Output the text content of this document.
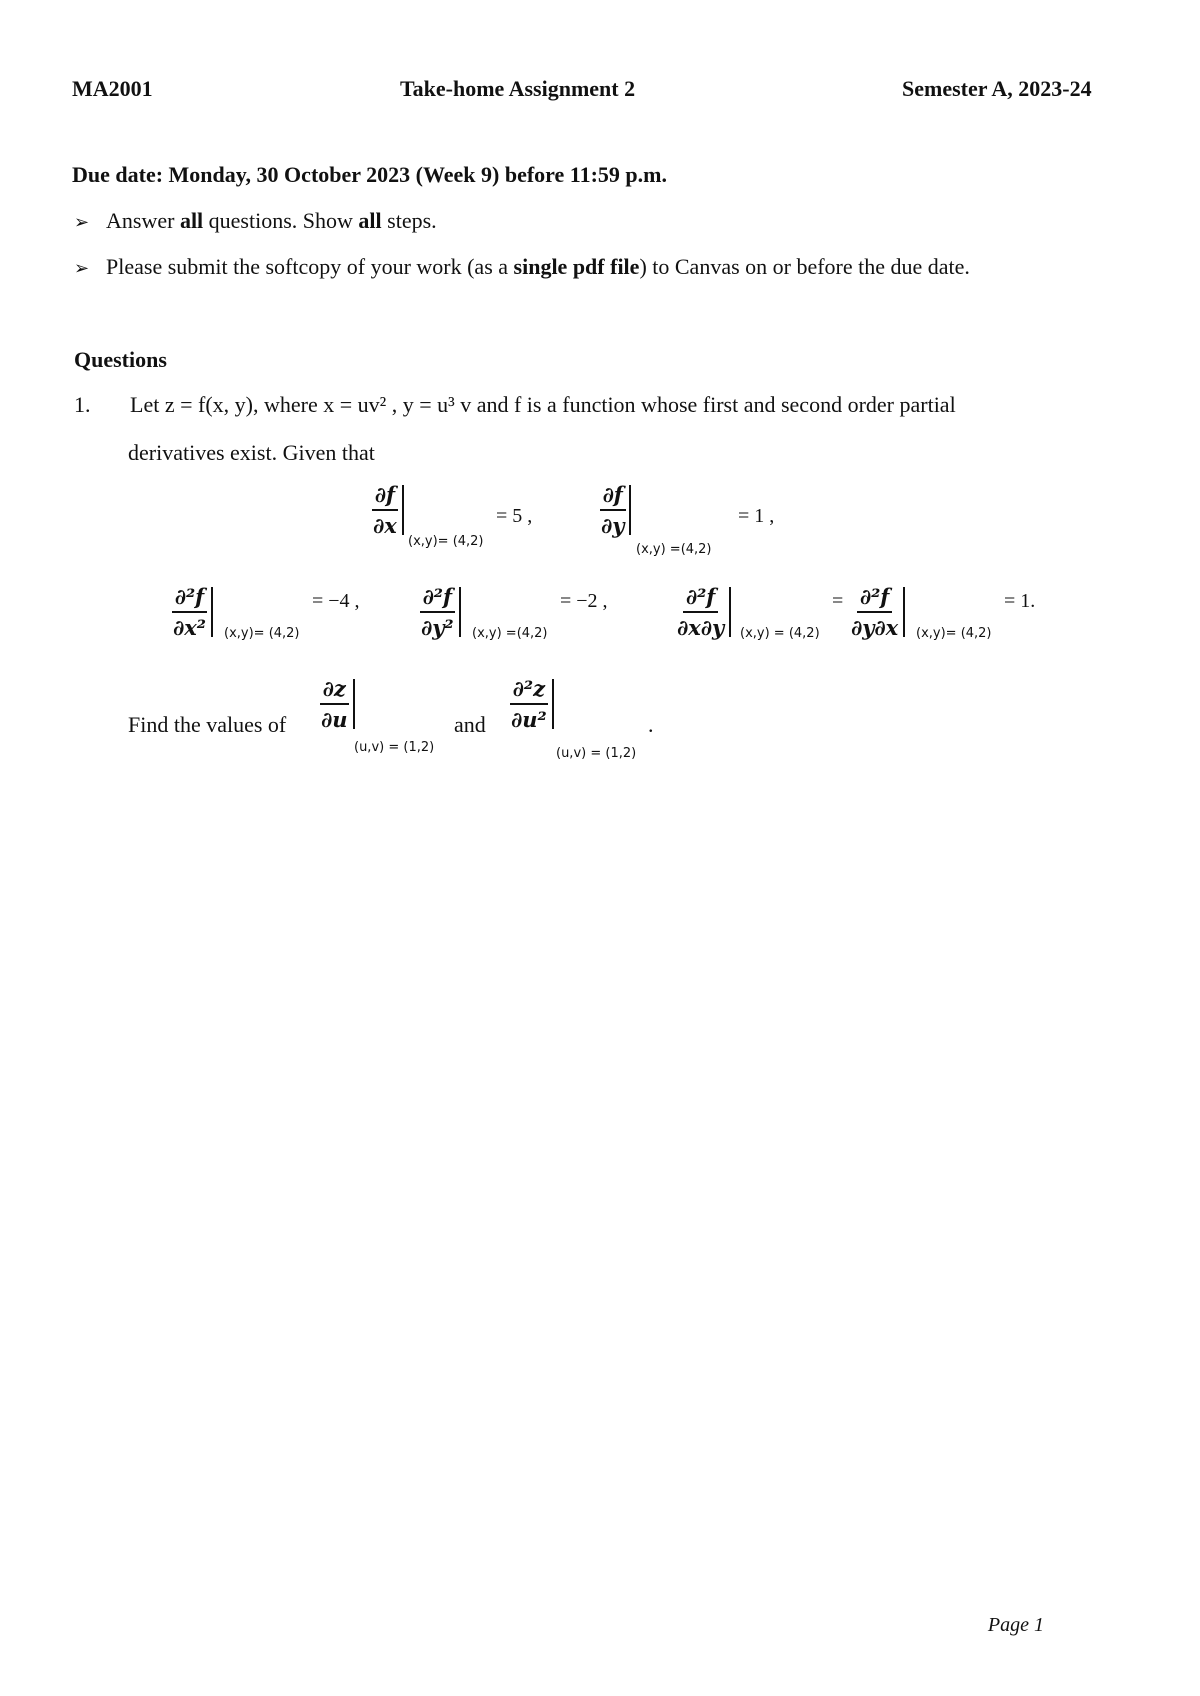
MA2001	Take-home Assignment 2	Semester A, 2023-24
Due date: Monday, 30 October 2023 (Week 9) before 11:59 p.m.
➢ Answer all questions. Show all steps.
➢ Please submit the softcopy of your work (as a single pdf file) to Canvas on or before the due date.
Questions
1. Let z = f(x, y), where x = uv² , y = u³ v and f is a function whose first and second order partial
derivatives exist. Given that
$\frac{\partial f}{\partial x}$
(x,y)= (4,2)
= 5 ,	$\frac{\partial f}{\partial y}$
(x,y) =(4,2)
= 1 ,
$\frac{\text{∂²f}}{\text{∂x²}} (x,y)= (4,2)$
= −4 ,	$\frac{\text{∂²f}}{\text{∂y²}} (x,y) =(4,2)$
= −2 ,	$\frac{\text{∂²f}}{\partial x\partial y} (x,y) = (4,2)$
= $\frac{\text{∂²f}}{\partial y\partial x} (x,y)= (4,2)$
= 1.
Find the values of $\frac{\partial z}{\partial u}$
(u,v) = (1,2)
and $\frac{\text{∂²z}}{\text{∂u²}}$
(u,v) = (1,2)
.
Page 1
